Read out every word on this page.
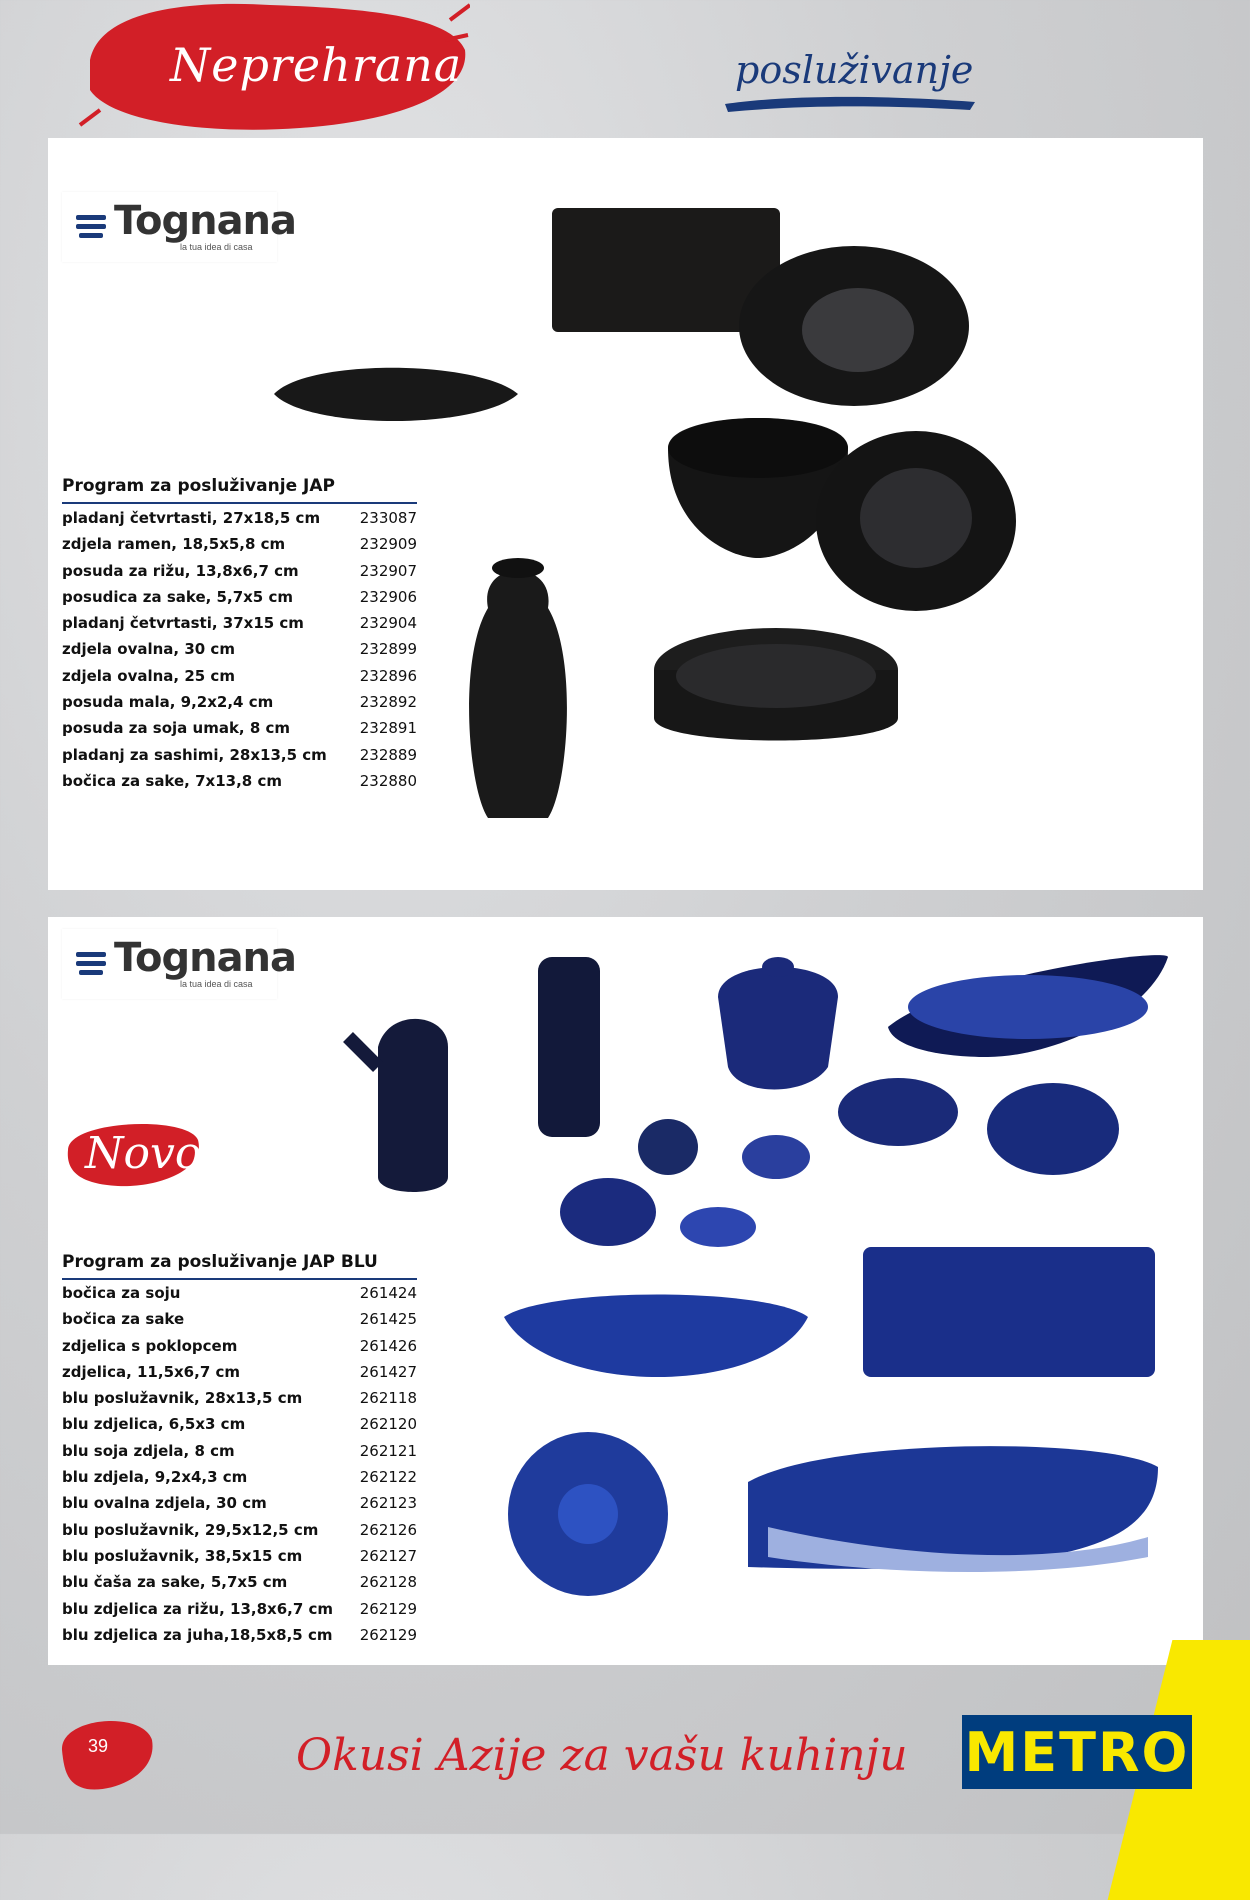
Neprehrana	posluživanje
Tognana
la tua idea di casa
Program za posluživanje JAP
pladanj četvrtasti, 27x18,5 cm	233087
zdjela ramen, 18,5x5,8 cm	232909
posuda za rižu, 13,8x6,7 cm	232907
posudica za sake, 5,7x5 cm	232906
pladanj četvrtasti, 37x15 cm	232904
zdjela ovalna, 30 cm	232899
zdjela ovalna, 25 cm	232896
posuda mala, 9,2x2,4 cm	232892
posuda za soja umak, 8 cm	232891
pladanj za sashimi, 28x13,5 cm 232889
bočica za sake, 7x13,8 cm	232880
Tognana
la tua idea di casa
Program za posluživanje JAP BLU
bočica za soju	261424
bočica za sake	261425
zdjelica s poklopcem	261426
zdjelica, 11,5x6,7 cm	261427
blu poslužavnik, 28x13,5 cm	262118
blu zdjelica, 6,5x3 cm	262120
blu soja zdjela, 8 cm	262121
blu zdjela, 9,2x4,3 cm	262122
blu ovalna zdjela, 30 cm	262123
blu poslužavnik, 29,5x12,5 cm	262126
blu poslužavnik, 38,5x15 cm	262127
blu čaša za sake, 5,7x5 cm	262128
blu zdjelica za rižu, 13,8x6,7 cm 262129
blu zdjelica za juha,18,5x8,5 cm 262129
Novo
39	Okusi Azije za vašu kuhinju METRO
